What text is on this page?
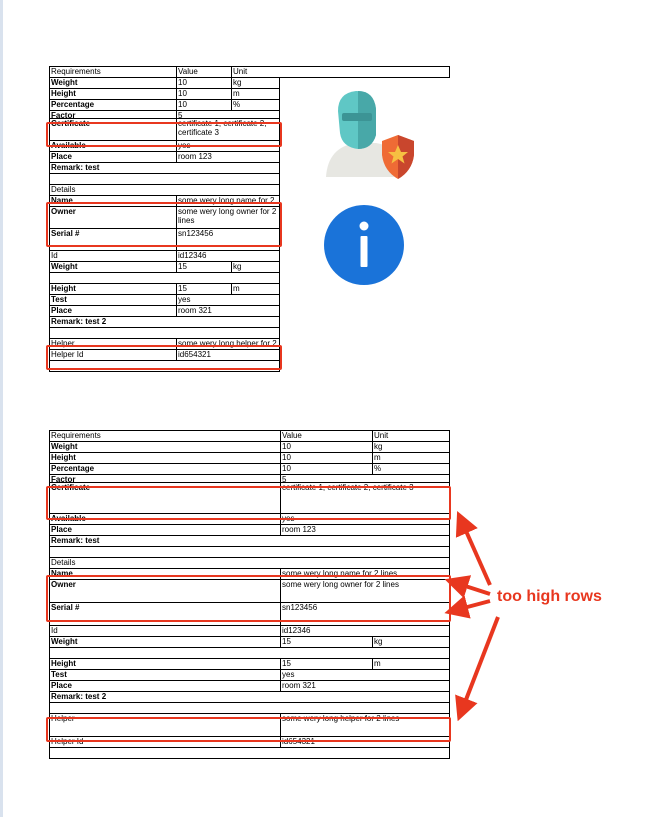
Requirements	Value	Unit
Weight	10	kg
Height	10	m
Percentage	10	%
Factor	5
Certificate	certificate 1, certificate 2, certificate 3
Available	yes
Place	room 123
Remark: test
Details
Name	some wery long name for 2
Owner	some wery long owner for 2 lines
Serial #	sn123456
Id	id12346
Weight	15	kg
Height	15	m
Test	yes
Place	room 321
Remark: test 2
Helper	some wery long helper for 2
Helper Id	id654321
Requirements	Value	Unit
Weight	10	kg
Height	10	m
Percentage	10	%
Factor	5
Certificate	certificate 1, certificate 2, certificate 3
Available	yes
Place	room 123
Remark: test
Details
Name	some wery long name for 2 lines
Owner	some wery long owner for 2 lines
Serial #	sn123456
Id	id12346
Weight	15	kg
Height	15	m
Test	yes
Place	room 321
Remark: test 2
Helper	some wery long helper for 2 lines
Helper Id	id654321
too high rows
